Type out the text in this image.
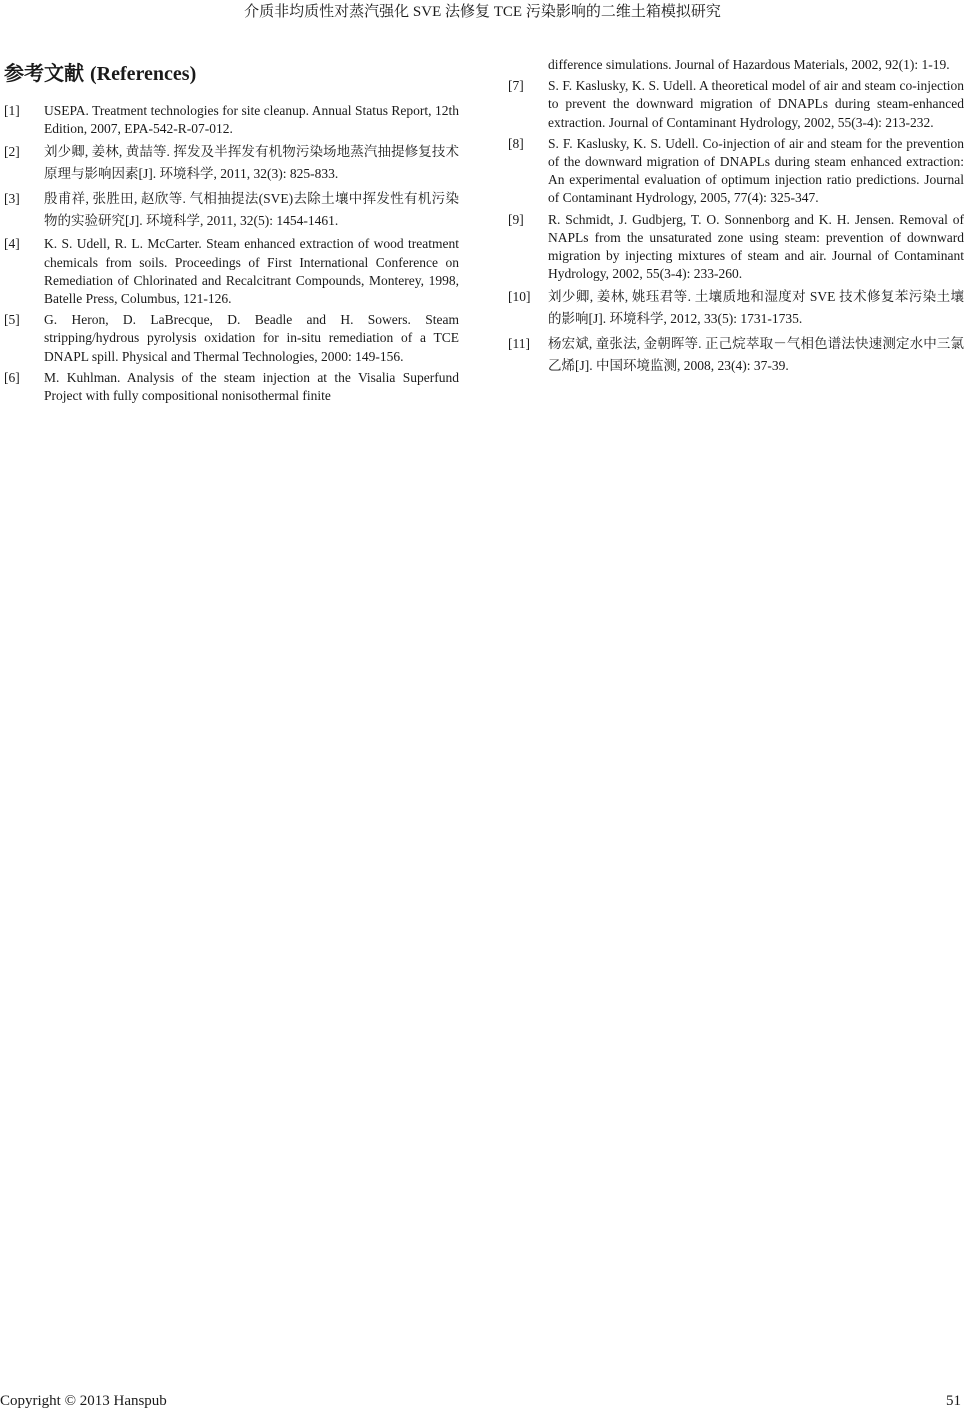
介质非均质性对蒸汽强化 SVE 法修复 TCE 污染影响的二维土箱模拟研究
参考文献 (References)
[1] USEPA. Treatment technologies for site cleanup. Annual Status Report, 12th Edition, 2007, EPA-542-R-07-012.
[2] 刘少卿, 姜林, 黄喆等. 挥发及半挥发有机物污染场地蒸汽抽提修复技术原理与影响因素[J]. 环境科学, 2011, 32(3): 825-833.
[3] 殷甫祥, 张胜田, 赵欣等. 气相抽提法(SVE)去除土壤中挥发性有机污染物的实验研究[J]. 环境科学, 2011, 32(5): 1454-1461.
[4] K. S. Udell, R. L. McCarter. Steam enhanced extraction of wood treatment chemicals from soils. Proceedings of First International Conference on Remediation of Chlorinated and Recalcitrant Compounds, Monterey, 1998, Batelle Press, Columbus, 121-126.
[5] G. Heron, D. LaBrecque, D. Beadle and H. Sowers. Steam stripping/hydrous pyrolysis oxidation for in-situ remediation of a TCE DNAPL spill. Physical and Thermal Technologies, 2000: 149-156.
[6] M. Kuhlman. Analysis of the steam injection at the Visalia Superfund Project with fully compositional nonisothermal finite
difference simulations. Journal of Hazardous Materials, 2002, 92(1): 1-19.
[7] S. F. Kaslusky, K. S. Udell. A theoretical model of air and steam co-injection to prevent the downward migration of DNAPLs during steam-enhanced extraction. Journal of Contaminant Hydrology, 2002, 55(3-4): 213-232.
[8] S. F. Kaslusky, K. S. Udell. Co-injection of air and steam for the prevention of the downward migration of DNAPLs during steam enhanced extraction: An experimental evaluation of optimum injection ratio predictions. Journal of Contaminant Hydrology, 2005, 77(4): 325-347.
[9] R. Schmidt, J. Gudbjerg, T. O. Sonnenborg and K. H. Jensen. Removal of NAPLs from the unsaturated zone using steam: prevention of downward migration by injecting mixtures of steam and air. Journal of Contaminant Hydrology, 2002, 55(3-4): 233-260.
[10] 刘少卿, 姜林, 姚珏君等. 土壤质地和湿度对 SVE 技术修复苯污染土壤的影响[J]. 环境科学, 2012, 33(5): 1731-1735.
[11] 杨宏斌, 童张法, 金朝晖等. 正己烷萃取－气相色谱法快速测定水中三氯乙烯[J]. 中国环境监测, 2008, 23(4): 37-39.
Copyright © 2013 Hanspub	51
